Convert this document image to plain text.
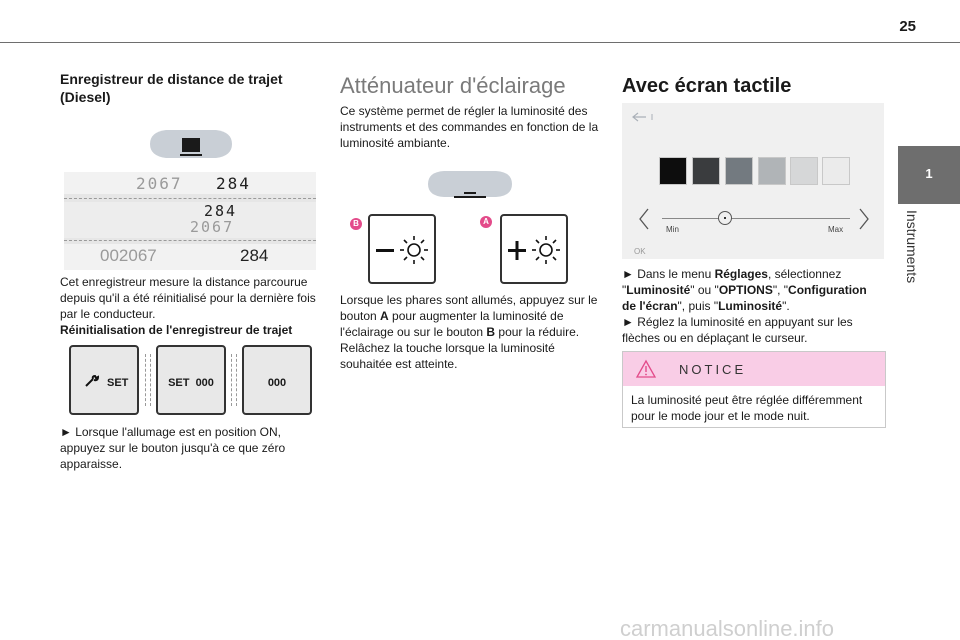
25
1
Instruments
Enregistreur de distance de trajet (Diesel)
2067 284
284
2067
002067	284

Cet enregistreur mesure la distance parcourue depuis qu'il a été réinitialisé pour la dernière fois par le conducteur.

Réinitialisation de l'enregistreur de trajet

SET	SET  000	000

► Lorsque l'allumage est en position ON, appuyez sur le bouton jusqu'à ce que zéro apparaisse.

Atténuateur d'éclairage

Ce système permet de régler la luminosité des instruments et des commandes en fonction de la luminosité ambiante.

B	A

Lorsque les phares sont allumés, appuyez sur le bouton A pour augmenter la luminosité de l'éclairage ou sur le bouton B pour la réduire. Relâchez la touche lorsque la luminosité souhaitée est atteinte.

Avec écran tactile
Min	Max
OK

► Dans le menu Réglages, sélectionnez "Luminosité" ou "OPTIONS", "Configuration de l'écran", puis "Luminosité".

► Réglez la luminosité en appuyant sur les flèches ou en déplaçant le curseur.

NOTICE
La luminosité peut être réglée différemment pour le mode jour et le mode nuit.
carmanualsonline.info
